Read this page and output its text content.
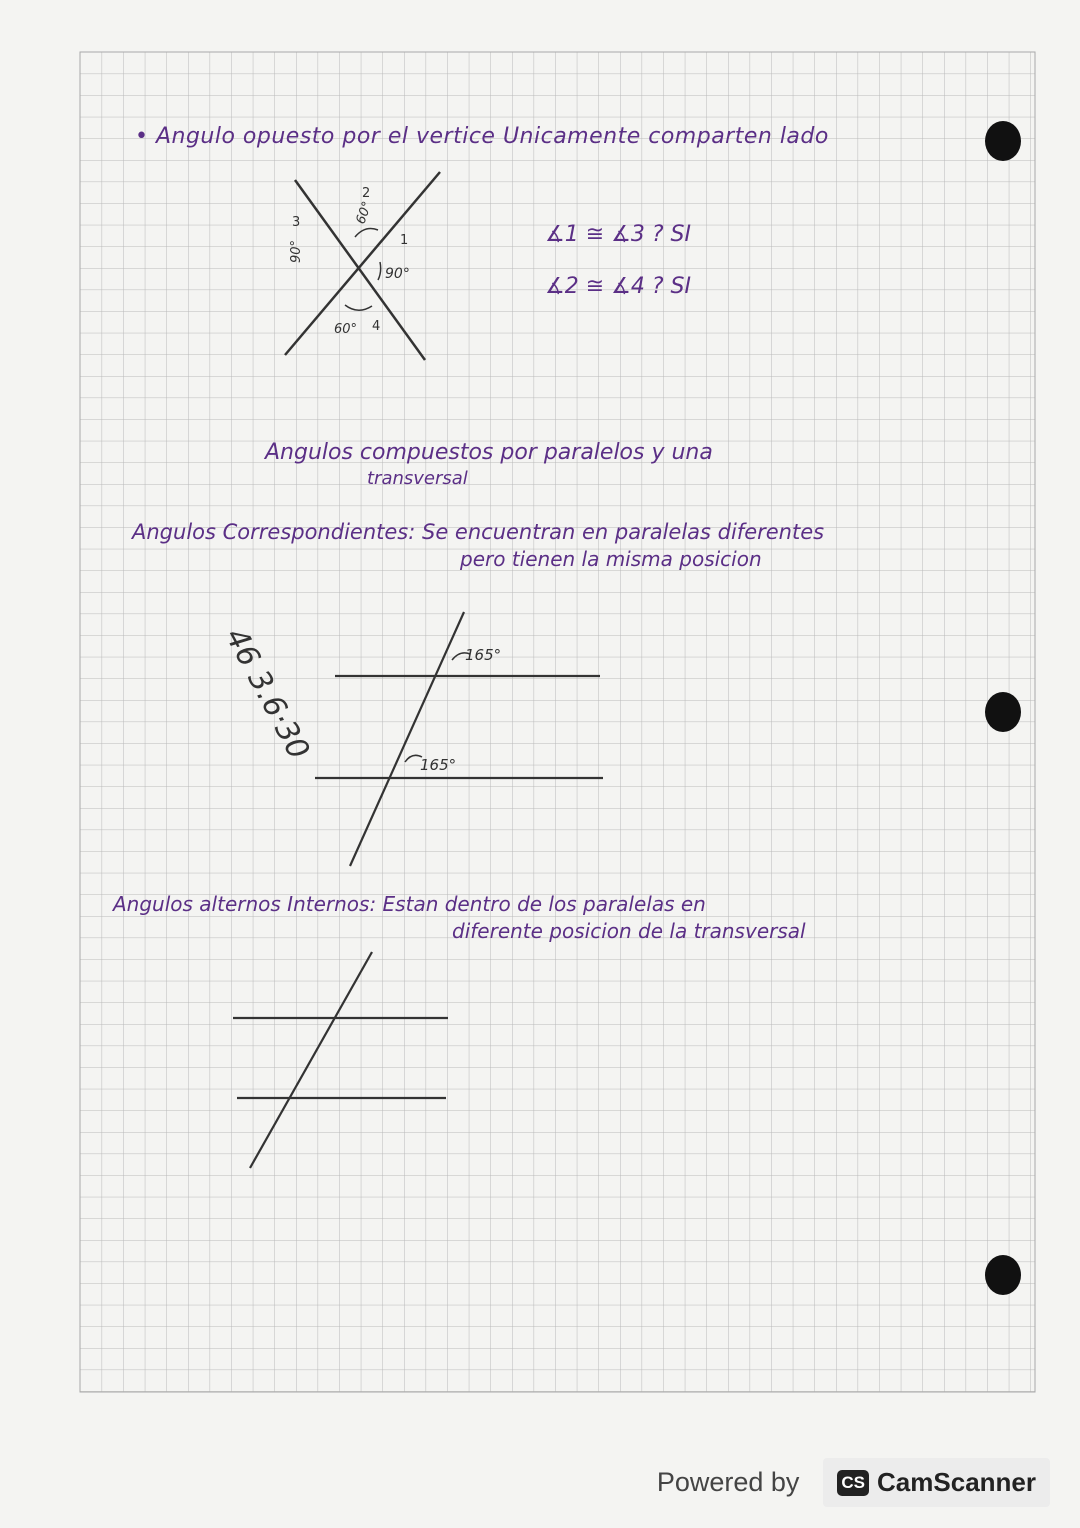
2
1
3
4
60°
90°
60°
90°
165°
165°
46 3.6·30
• Angulo opuesto por el vertice Unicamente comparten lado
∡1 ≅ ∡3 ? SI
∡2 ≅ ∡4 ? SI
Angulos compuestos por paralelos y una
transversal
Angulos Correspondientes: Se encuentran en paralelas diferentes
pero tienen la misma posicion
Angulos alternos Internos: Estan dentro de los paralelas en
diferente posicion de la transversal
Powered by CS CamScanner
